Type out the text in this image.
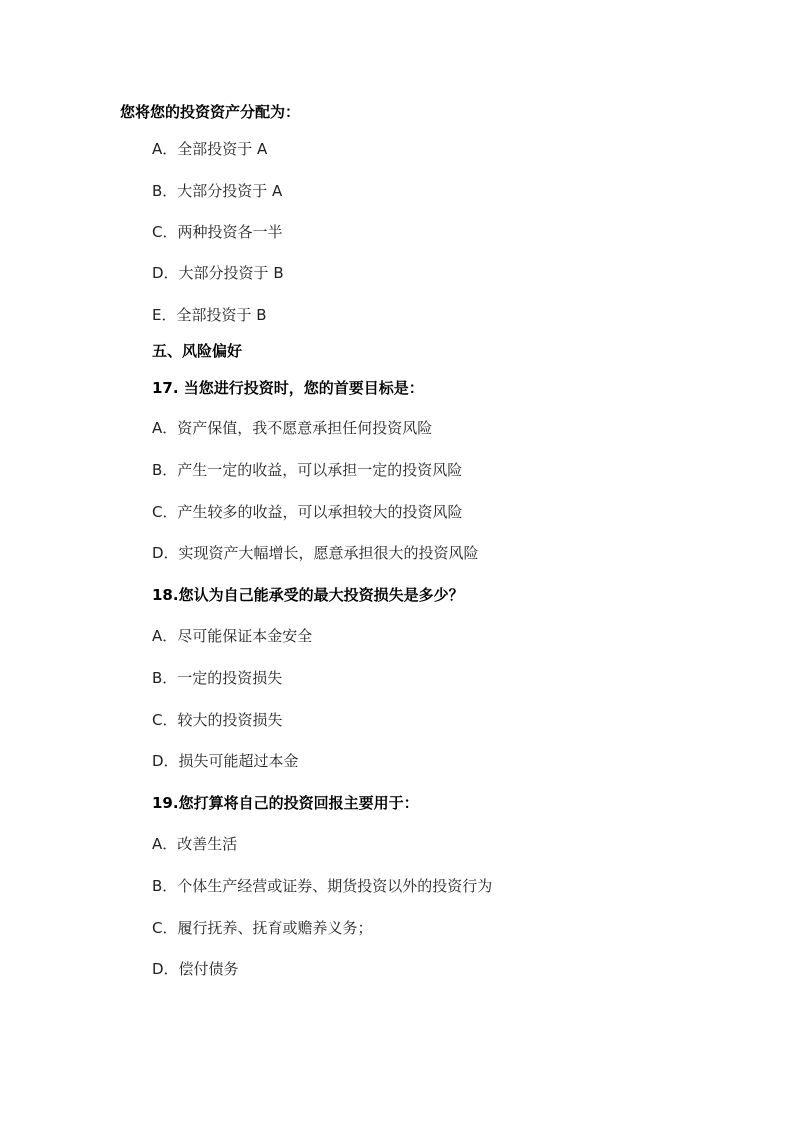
您将您的投资资产分配为：
A．全部投资于 A
B．大部分投资于 A
C．两种投资各一半
D．大部分投资于 B
E．全部投资于 B
五、风险偏好
17. 当您进行投资时，您的首要目标是：
A．资产保值，我不愿意承担任何投资风险
B．产生一定的收益，可以承担一定的投资风险
C．产生较多的收益，可以承担较大的投资风险
D．实现资产大幅增长，愿意承担很大的投资风险
18.您认为自己能承受的最大投资损失是多少？
A．尽可能保证本金安全
B．一定的投资损失
C．较大的投资损失
D．损失可能超过本金
19.您打算将自己的投资回报主要用于：
A．改善生活
B．个体生产经营或证券、期货投资以外的投资行为
C．履行抚养、抚育或赡养义务；
D．偿付债务
